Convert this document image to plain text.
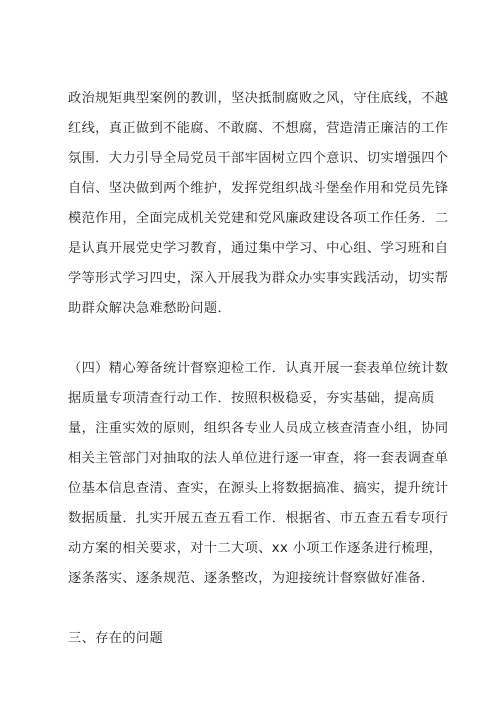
政治规矩典型案例的教训，坚决抵制腐败之风，守住底线，不越
红线，真正做到不能腐、不敢腐、不想腐，营造清正廉洁的工作
氛围．大力引导全局党员干部牢固树立四个意识、切实增强四个
自信、坚决做到两个维护，发挥党组织战斗堡垒作用和党员先锋
模范作用，全面完成机关党建和党风廉政建设各项工作任务．二
是认真开展党史学习教育，通过集中学习、中心组、学习班和自
学等形式学习四史，深入开展我为群众办实事实践活动，切实帮
助群众解决急难愁盼问题．
（四）精心筹备统计督察迎检工作．认真开展一套表单位统计数
据质量专项清查行动工作．按照积极稳妥，夯实基础，提高质
量，注重实效的原则，组织各专业人员成立核查清查小组，协同
相关主管部门对抽取的法人单位进行逐一审查，将一套表调查单
位基本信息查清、查实，在源头上将数据搞准、搞实，提升统计
数据质量．扎实开展五查五看工作．根据省、市五查五看专项行
动方案的相关要求，对十二大项、xx 小项工作逐条进行梳理，
逐条落实、逐条规范、逐条整改，为迎接统计督察做好准备．
三、存在的问题
